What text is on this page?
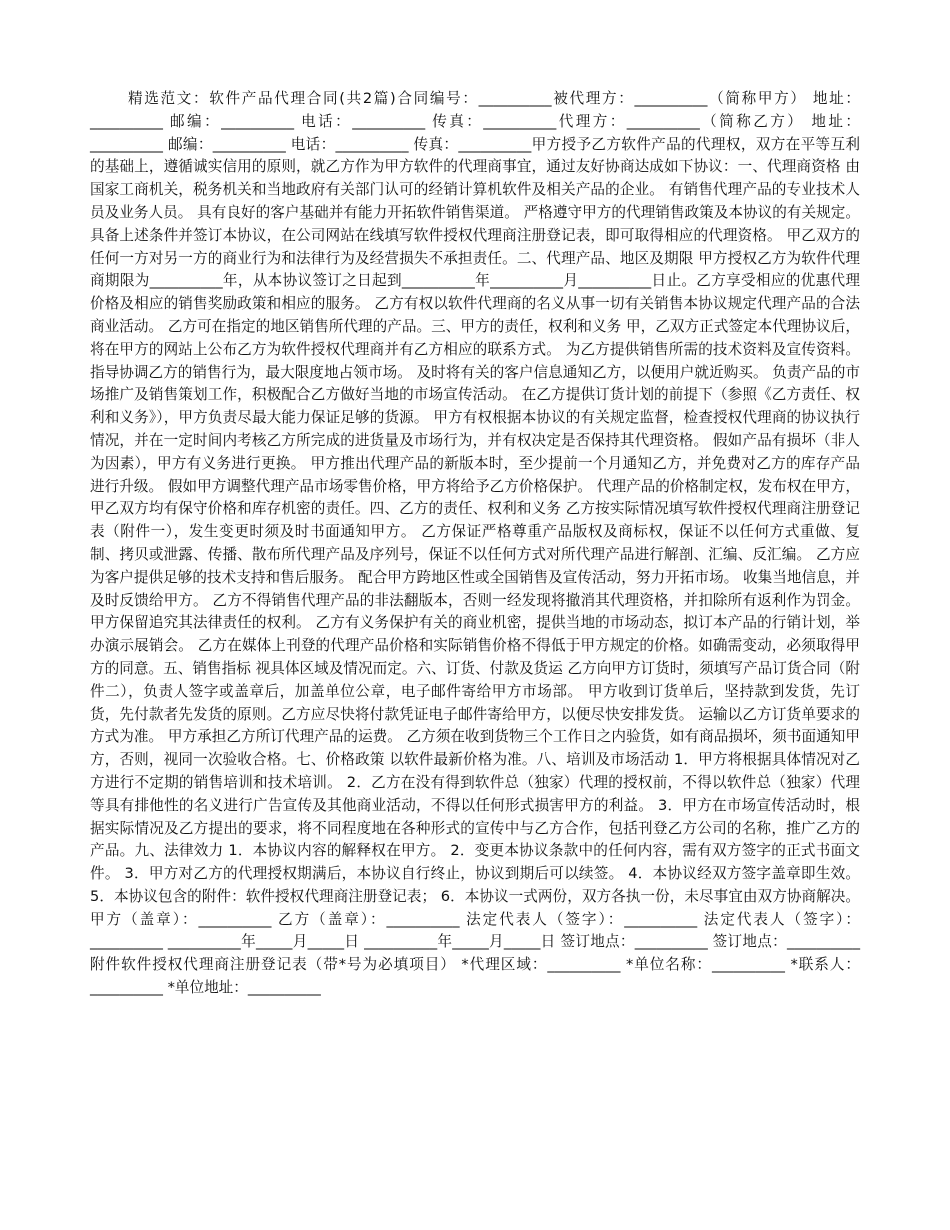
精选范文：软件产品代理合同(共2篇)合同编号：__________被代理方：__________（简称甲方） 地址：__________ 邮编：__________ 电话：__________ 传真：__________代理方：__________（简称乙方） 地址：__________ 邮编：__________ 电话：__________ 传真：__________甲方授予乙方软件产品的代理权，双方在平等互利的基础上，遵循诚实信用的原则，就乙方作为甲方软件的代理商事宜，通过友好协商达成如下协议：一、代理商资格 由国家工商机关，税务机关和当地政府有关部门认可的经销计算机软件及相关产品的企业。 有销售代理产品的专业技术人员及业务人员。 具有良好的客户基础并有能力开拓软件销售渠道。 严格遵守甲方的代理销售政策及本协议的有关规定。 具备上述条件并签订本协议，在公司网站在线填写软件授权代理商注册登记表，即可取得相应的代理资格。 甲乙双方的任何一方对另一方的商业行为和法律行为及经营损失不承担责任。二、代理产品、地区及期限 甲方授权乙方为软件代理商期限为__________年，从本协议签订之日起到__________年__________月__________日止。乙方享受相应的优惠代理价格及相应的销售奖励政策和相应的服务。 乙方有权以软件代理商的名义从事一切有关销售本协议规定代理产品的合法商业活动。 乙方可在指定的地区销售所代理的产品。三、甲方的责任，权利和义务 甲，乙双方正式签定本代理协议后，将在甲方的网站上公布乙方为软件授权代理商并有乙方相应的联系方式。 为乙方提供销售所需的技术资料及宣传资料。 指导协调乙方的销售行为，最大限度地占领市场。 及时将有关的客户信息通知乙方，以便用户就近购买。 负责产品的市场推广及销售策划工作，积极配合乙方做好当地的市场宣传活动。 在乙方提供订货计划的前提下（参照《乙方责任、权利和义务》），甲方负责尽最大能力保证足够的货源。 甲方有权根据本协议的有关规定监督，检查授权代理商的协议执行情况，并在一定时间内考核乙方所完成的进货量及市场行为，并有权决定是否保持其代理资格。 假如产品有损坏（非人为因素），甲方有义务进行更换。 甲方推出代理产品的新版本时，至少提前一个月通知乙方，并免费对乙方的库存产品进行升级。 假如甲方调整代理产品市场零售价格，甲方将给予乙方价格保护。 代理产品的价格制定权，发布权在甲方，甲乙双方均有保守价格和库存机密的责任。四、乙方的责任、权利和义务 乙方按实际情况填写软件授权代理商注册登记表（附件一），发生变更时须及时书面通知甲方。 乙方保证严格尊重产品版权及商标权，保证不以任何方式重做、复制、拷贝或泄露、传播、散布所代理产品及序列号，保证不以任何方式对所代理产品进行解剖、汇编、反汇编。 乙方应为客户提供足够的技术支持和售后服务。 配合甲方跨地区性或全国销售及宣传活动，努力开拓市场。 收集当地信息，并及时反馈给甲方。 乙方不得销售代理产品的非法翻版本，否则一经发现将撤消其代理资格，并扣除所有返利作为罚金。甲方保留追究其法律责任的权利。 乙方有义务保护有关的商业机密，提供当地的市场动态，拟订本产品的行销计划，举办演示展销会。 乙方在媒体上刊登的代理产品价格和实际销售价格不得低于甲方规定的价格。如确需变动，必须取得甲方的同意。五、销售指标 视具体区域及情况而定。六、订货、付款及货运 乙方向甲方订货时，须填写产品订货合同（附件二），负责人签字或盖章后，加盖单位公章，电子邮件寄给甲方市场部。 甲方收到订货单后，坚持款到发货，先订货，先付款者先发货的原则。乙方应尽快将付款凭证电子邮件寄给甲方，以便尽快安排发货。 运输以乙方订货单要求的方式为准。 甲方承担乙方所订代理产品的运费。 乙方须在收到货物三个工作日之内验货，如有商品损坏，须书面通知甲方，否则，视同一次验收合格。七、价格政策 以软件最新价格为准。八、培训及市场活动 1．甲方将根据具体情况对乙方进行不定期的销售培训和技术培训。 2．乙方在没有得到软件总（独家）代理的授权前，不得以软件总（独家）代理等具有排他性的名义进行广告宣传及其他商业活动，不得以任何形式损害甲方的利益。 3．甲方在市场宣传活动时，根据实际情况及乙方提出的要求，将不同程度地在各种形式的宣传中与乙方合作，包括刊登乙方公司的名称，推广乙方的产品。九、法律效力 1．本协议内容的解释权在甲方。 2．变更本协议条款中的任何内容，需有双方签字的正式书面文件。 3．甲方对乙方的代理授权期满后，本协议自行终止，协议到期后可以续签。 4．本协议经双方签字盖章即生效。 5．本协议包含的附件：软件授权代理商注册登记表； 6．本协议一式两份，双方各执一份，未尽事宜由双方协商解决。甲方（盖章）：__________ 乙方（盖章）：__________ 法定代表人（签字）：__________ 法定代表人（签字）：__________ __________年_____月_____日 __________年_____月_____日 签订地点：__________ 签订地点：__________ 附件软件授权代理商注册登记表（带*号为必填项目） *代理区域：__________ *单位名称：__________ *联系人：__________ *单位地址：__________
